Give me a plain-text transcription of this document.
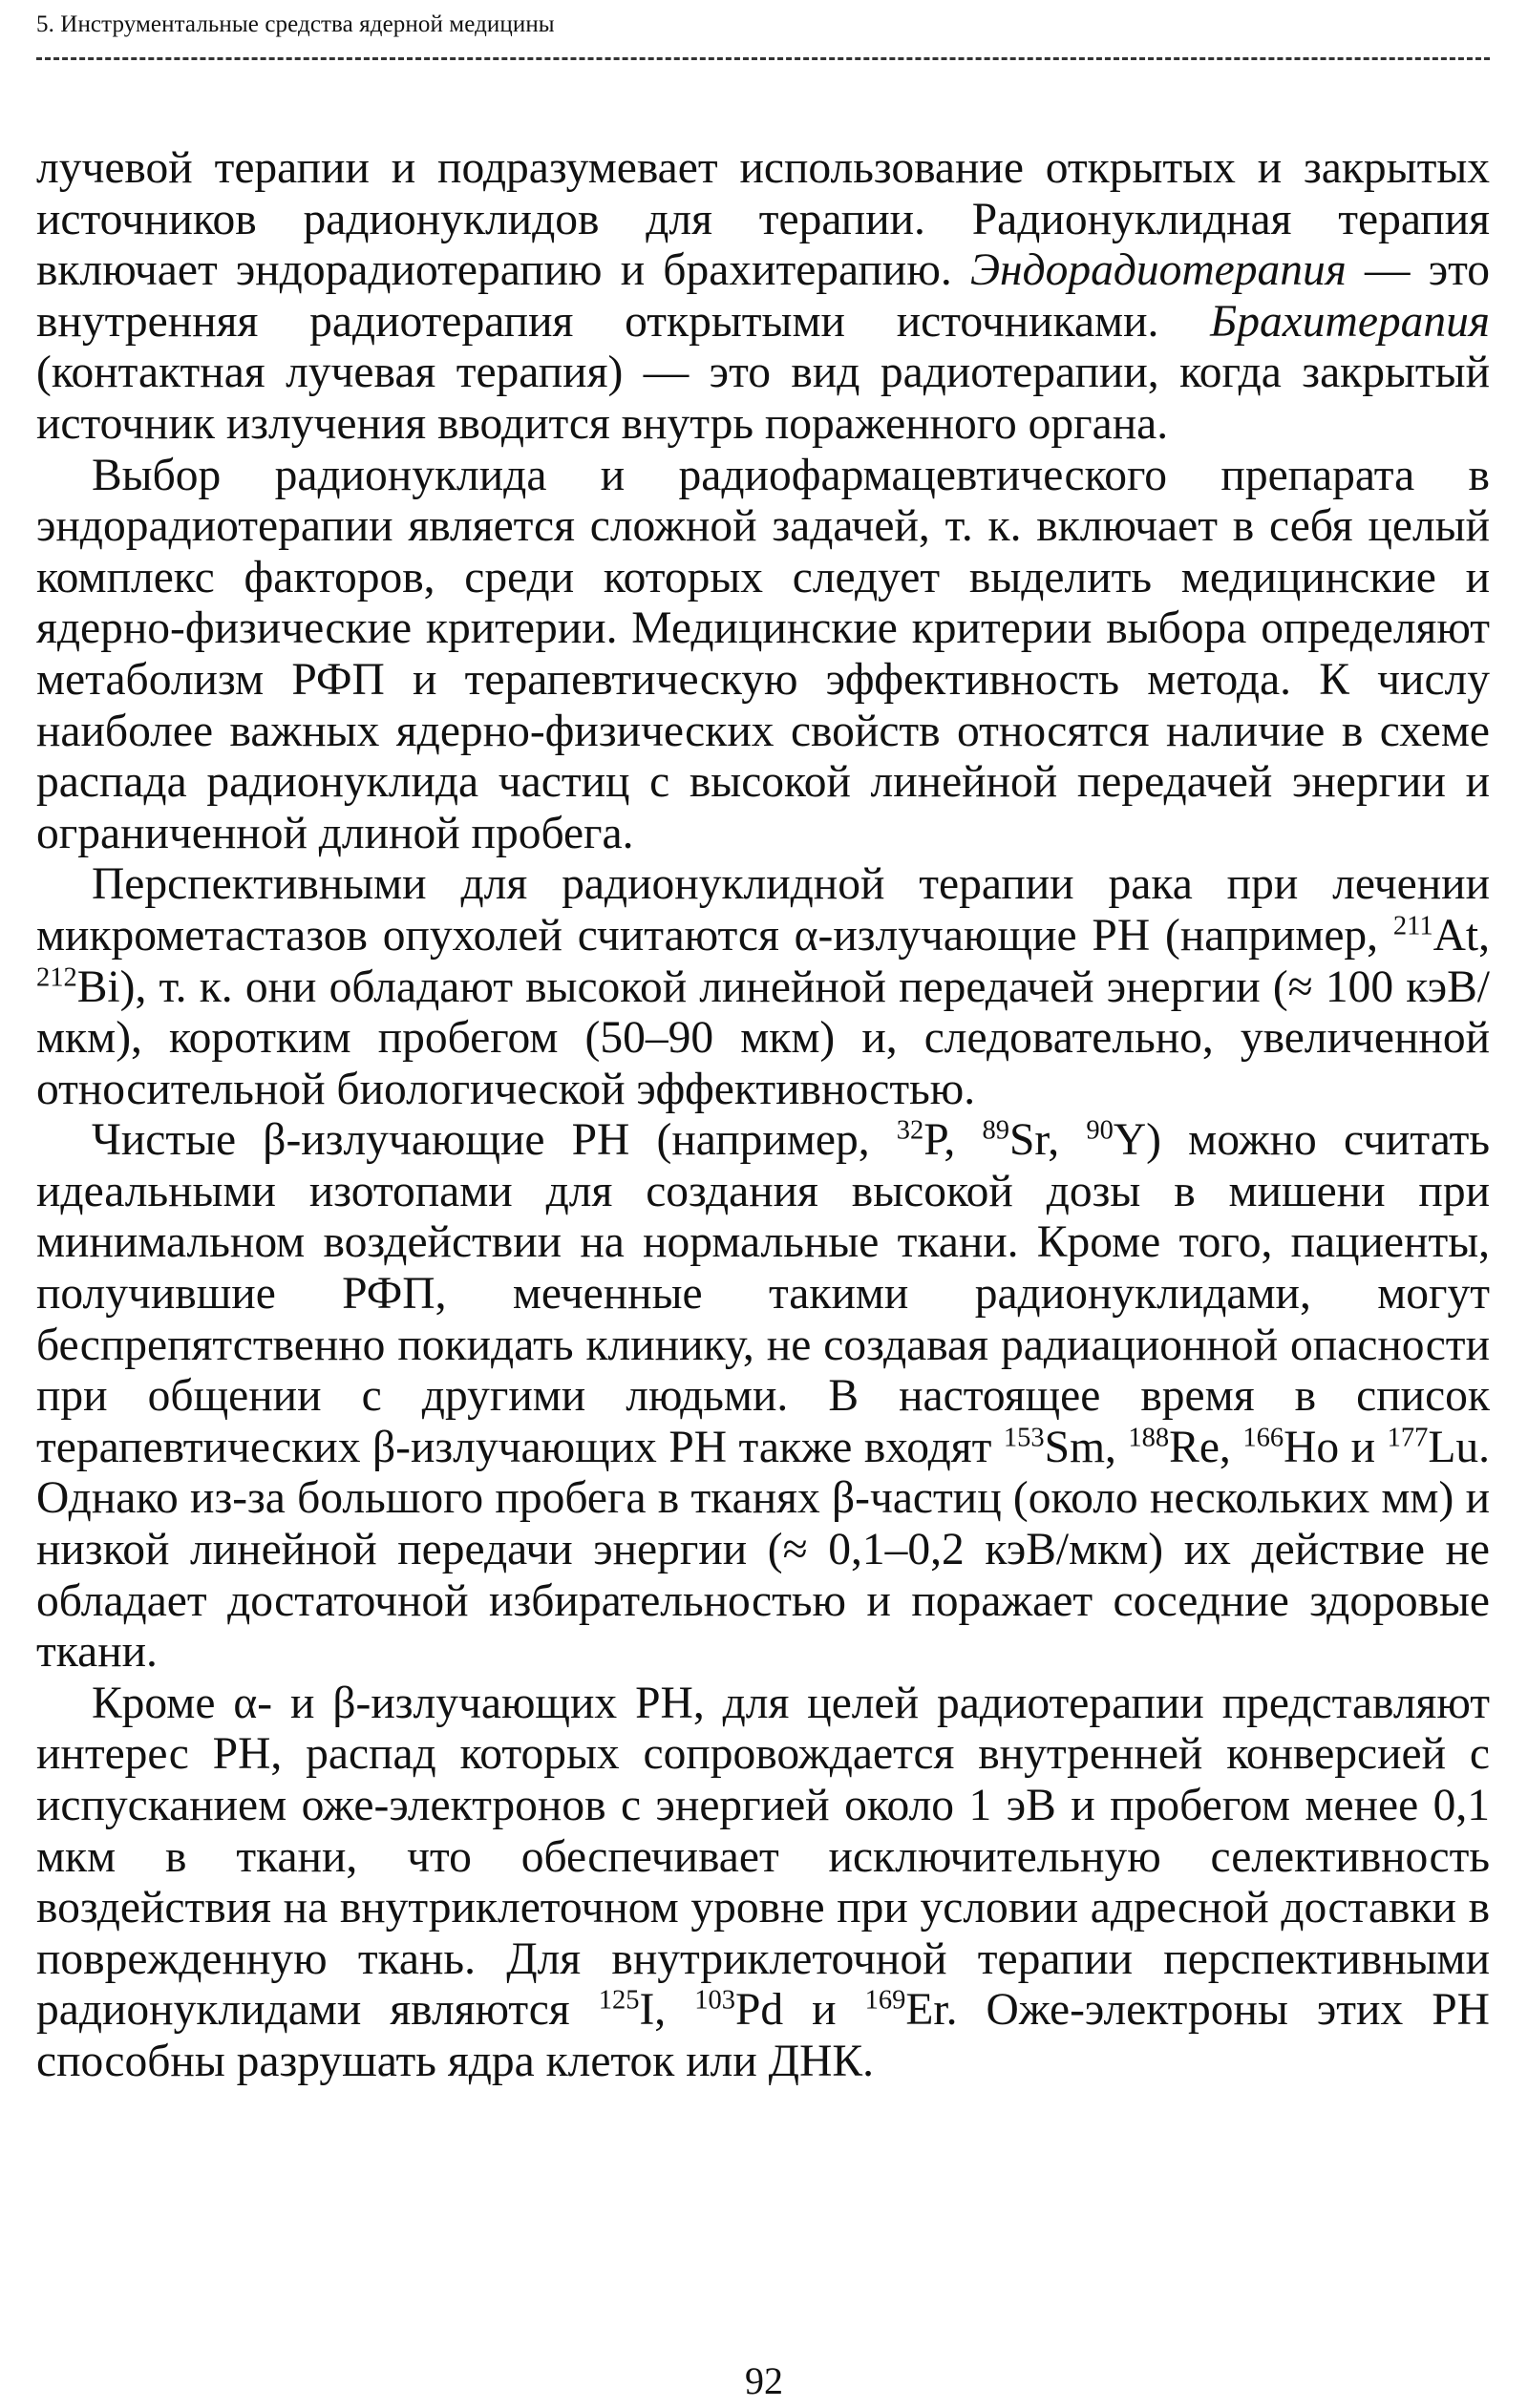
5. Инструментальные средства ядерной медицины

лучевой терапии и подразумевает использование открытых и закрытых источников радионуклидов для терапии. Радионуклидная терапия включает эндорадиотерапию и брахитерапию. Эндорадиотерапия — это внутренняя радиотерапия открытыми источниками. Брахитерапия (контактная лучевая терапия) — это вид радиотерапии, когда закрытый источник излучения вводится внутрь пораженного органа.

Выбор радионуклида и радиофармацевтического препарата в эндорадиотерапии является сложной задачей, т. к. включает в себя целый комплекс факторов, среди которых следует выделить медицинские и ядерно-физические критерии. Медицинские критерии выбора определяют метаболизм РФП и терапевтическую эффективность метода. К числу наиболее важных ядерно-физических свойств относятся наличие в схеме распада радионуклида частиц с высокой линейной передачей энергии и ограниченной длиной пробега.

Перспективными для радионуклидной терапии рака при лечении микрометастазов опухолей считаются α-излучающие РН (например, $^{211}$At, $^{212}$Bi), т. к. они обладают высокой линейной передачей энергии (≈ 100 кэВ/мкм), коротким пробегом (50–90 мкм) и, следовательно, увеличенной относительной биологической эффективностью.

Чистые β-излучающие РН (например, $^{32}$P, $^{89}$Sr, $^{90}$Y) можно считать идеальными изотопами для создания высокой дозы в мишени при минимальном воздействии на нормальные ткани. Кроме того, пациенты, получившие РФП, меченные такими радионуклидами, могут беспрепятственно покидать клинику, не создавая радиационной опасности при общении с другими людьми. В настоящее время в список терапевтических β-излучающих РН также входят $^{153}$Sm, $^{188}$Re, $^{166}$Ho и $^{177}$Lu. Однако из-за большого пробега в тканях β-частиц (около нескольких мм) и низкой линейной передачи энергии (≈ 0,1–0,2 кэВ/мкм) их действие не обладает достаточной избирательностью и поражает соседние здоровые ткани.

Кроме α- и β-излучающих РН, для целей радиотерапии представляют интерес РН, распад которых сопровождается внутренней конверсией с испусканием оже-электронов с энергией около 1 эВ и пробегом менее 0,1 мкм в ткани, что обеспечивает исключительную селективность воздействия на внутриклеточном уровне при условии адресной доставки в поврежденную ткань. Для внутриклеточной терапии перспективными радионуклидами являются $^{125}$I, $^{103}$Pd и $^{169}$Er. Оже-электроны этих РН способны разрушать ядра клеток или ДНК.

92
